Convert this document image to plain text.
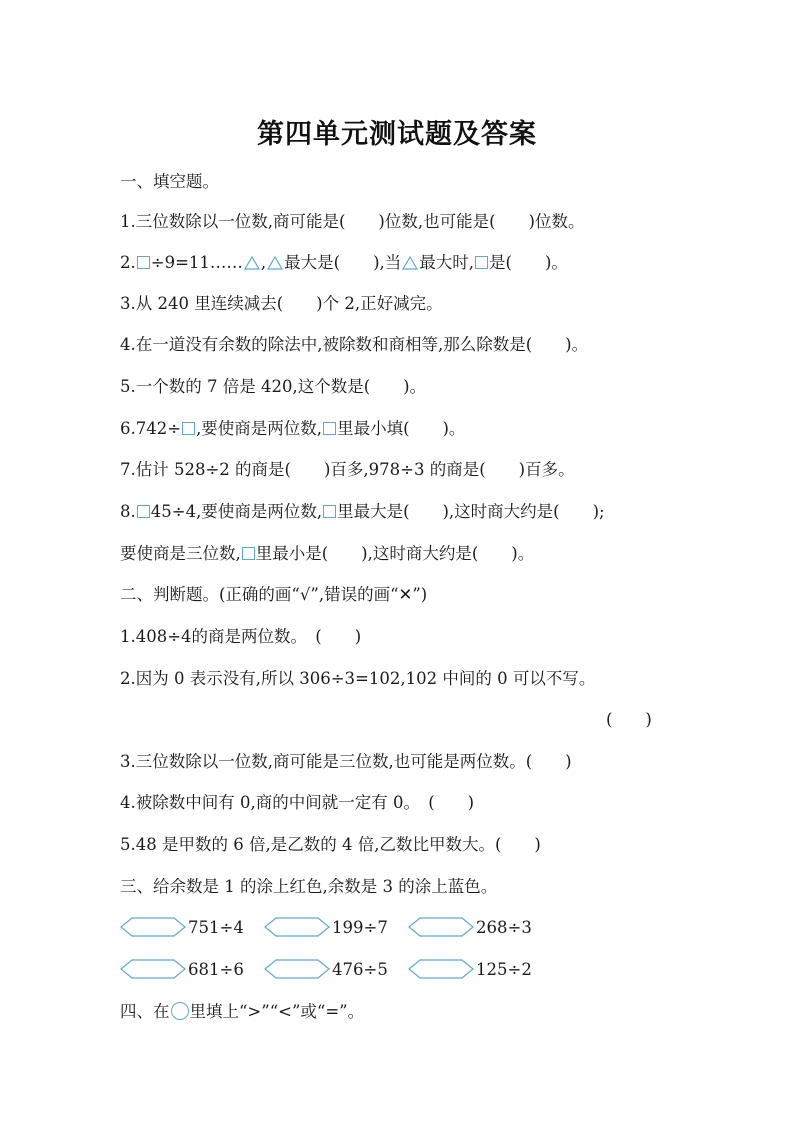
第四单元测试题及答案
一、填空题。
1.三位数除以一位数,商可能是(　　)位数,也可能是(　　)位数。
2. ÷9=11…… , 最大是(　　),当 最大时, 是(　　)。
3.从 240 里连续减去(　　)个 2,正好减完。
4.在一道没有余数的除法中,被除数和商相等,那么除数是(　　)。
5.一个数的 7 倍是 420,这个数是(　　)。
6.742÷ ,要使商是两位数, 里最小填(　　)。
7.估计 528÷2 的商是(　　)百多,978÷3 的商是(　　)百多。
8. 45÷4,要使商是两位数, 里最大是(　　),这时商大约是(　　);
要使商是三位数, 里最小是(　　),这时商大约是(　　)。
二、判断题。(正确的画“√”,错误的画“✕”)
1.408÷4的商是两位数。　(　　)
2.因为 0 表示没有,所以 306÷3=102,102 中间的 0 可以不写。
(　　)
3.三位数除以一位数,商可能是三位数,也可能是两位数。(　　)
4.被除数中间有 0,商的中间就一定有 0。　(　　)
5.48 是甲数的 6 倍,是乙数的 4 倍,乙数比甲数大。(　　)
三、给余数是 1 的涂上红色,余数是 3 的涂上蓝色。
751÷4	199÷7	268÷3
681÷6	476÷5	125÷2
四、在 里填上“>”“<”或“=”。
